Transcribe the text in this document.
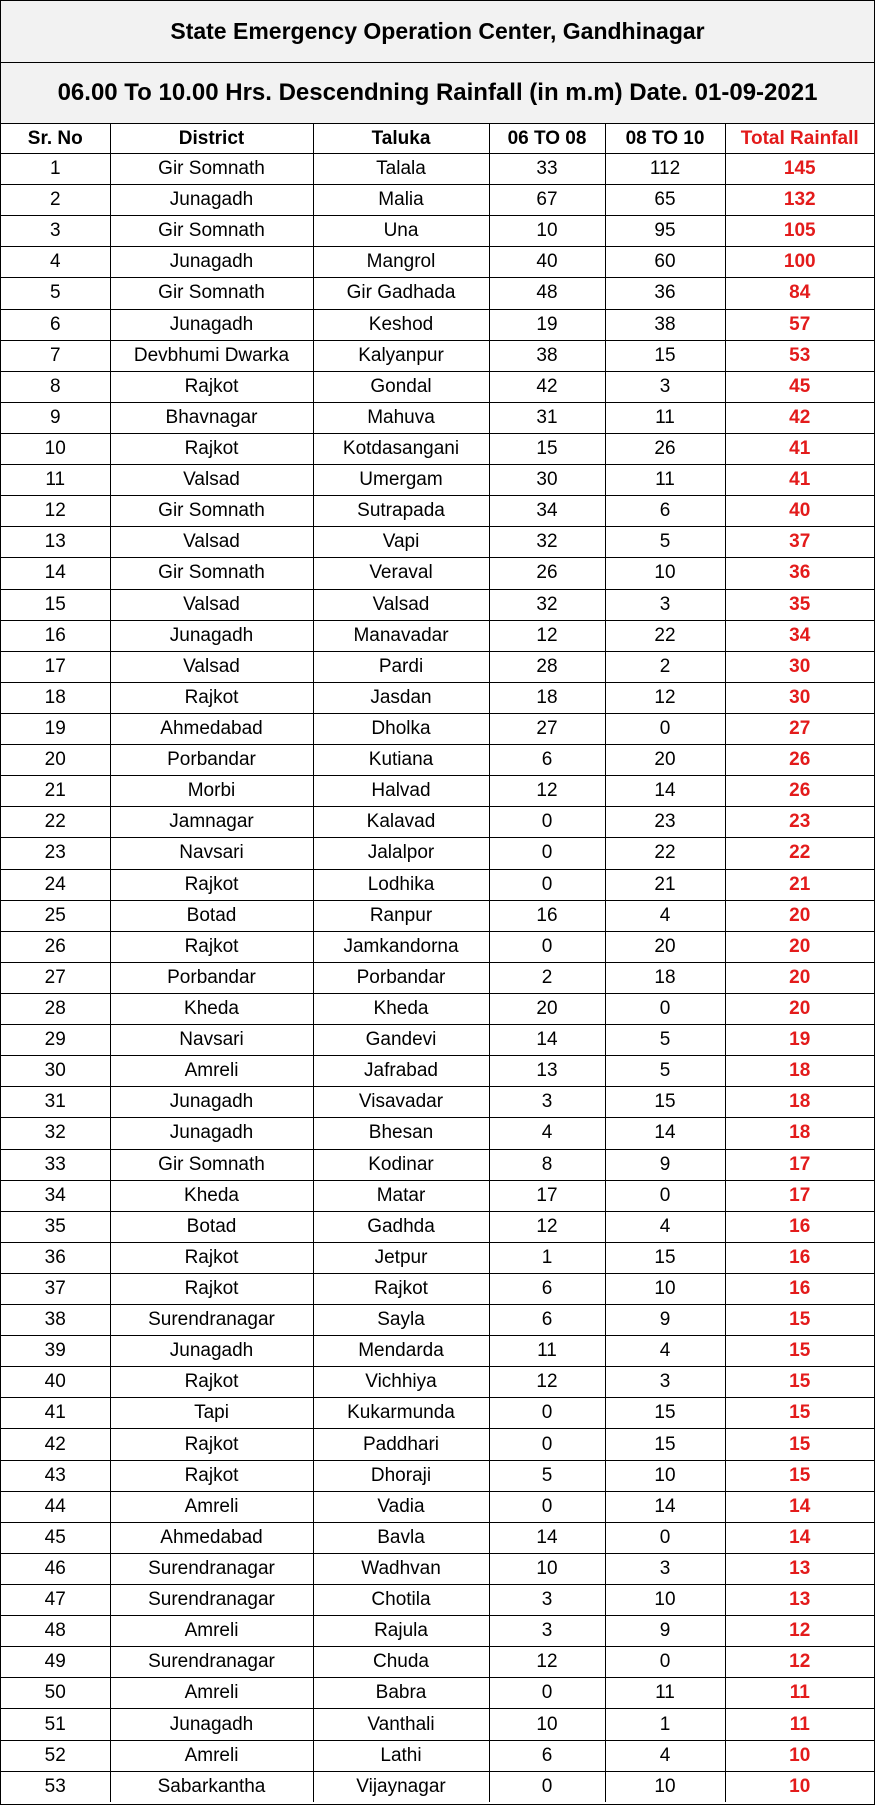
State Emergency Operation Center, Gandhinagar
06.00 To 10.00 Hrs. Descendning Rainfall (in m.m) Date. 01-09-2021
Sr. No	District	Taluka	06 TO 08	08 TO 10	Total Rainfall
1	Gir Somnath	Talala	33	112	145
2	Junagadh	Malia	67	65	132
3	Gir Somnath	Una	10	95	105
4	Junagadh	Mangrol	40	60	100
5	Gir Somnath	Gir Gadhada	48	36	84
6	Junagadh	Keshod	19	38	57
7	Devbhumi Dwarka	Kalyanpur	38	15	53
8	Rajkot	Gondal	42	3	45
9	Bhavnagar	Mahuva	31	11	42
10	Rajkot	Kotdasangani	15	26	41
11	Valsad	Umergam	30	11	41
12	Gir Somnath	Sutrapada	34	6	40
13	Valsad	Vapi	32	5	37
14	Gir Somnath	Veraval	26	10	36
15	Valsad	Valsad	32	3	35
16	Junagadh	Manavadar	12	22	34
17	Valsad	Pardi	28	2	30
18	Rajkot	Jasdan	18	12	30
19	Ahmedabad	Dholka	27	0	27
20	Porbandar	Kutiana	6	20	26
21	Morbi	Halvad	12	14	26
22	Jamnagar	Kalavad	0	23	23
23	Navsari	Jalalpor	0	22	22
24	Rajkot	Lodhika	0	21	21
25	Botad	Ranpur	16	4	20
26	Rajkot	Jamkandorna	0	20	20
27	Porbandar	Porbandar	2	18	20
28	Kheda	Kheda	20	0	20
29	Navsari	Gandevi	14	5	19
30	Amreli	Jafrabad	13	5	18
31	Junagadh	Visavadar	3	15	18
32	Junagadh	Bhesan	4	14	18
33	Gir Somnath	Kodinar	8	9	17
34	Kheda	Matar	17	0	17
35	Botad	Gadhda	12	4	16
36	Rajkot	Jetpur	1	15	16
37	Rajkot	Rajkot	6	10	16
38	Surendranagar	Sayla	6	9	15
39	Junagadh	Mendarda	11	4	15
40	Rajkot	Vichhiya	12	3	15
41	Tapi	Kukarmunda	0	15	15
42	Rajkot	Paddhari	0	15	15
43	Rajkot	Dhoraji	5	10	15
44	Amreli	Vadia	0	14	14
45	Ahmedabad	Bavla	14	0	14
46	Surendranagar	Wadhvan	10	3	13
47	Surendranagar	Chotila	3	10	13
48	Amreli	Rajula	3	9	12
49	Surendranagar	Chuda	12	0	12
50	Amreli	Babra	0	11	11
51	Junagadh	Vanthali	10	1	11
52	Amreli	Lathi	6	4	10
53	Sabarkantha	Vijaynagar	0	10	10
